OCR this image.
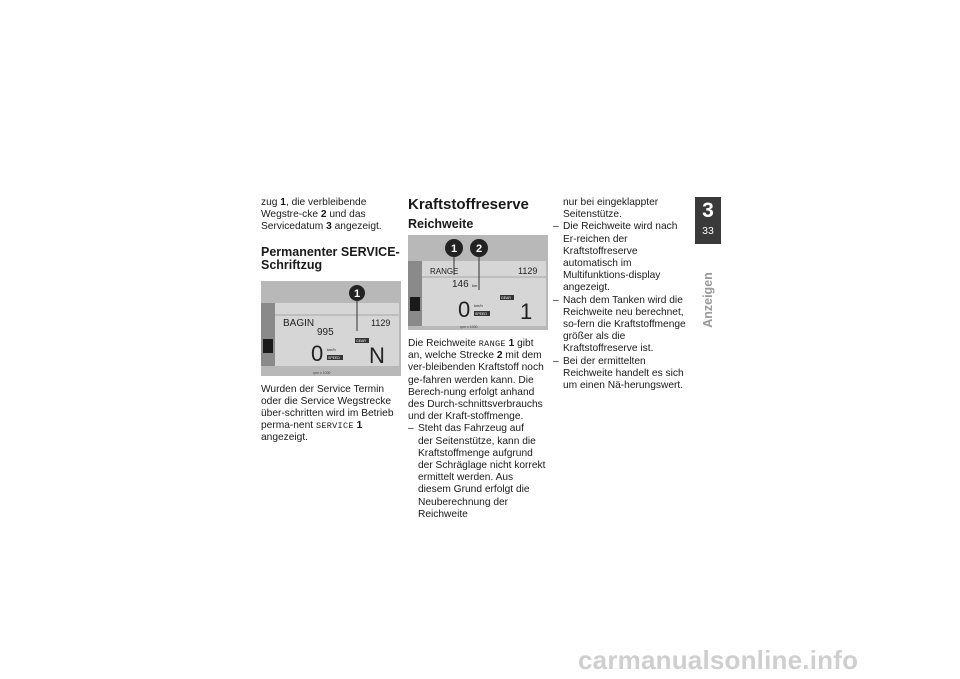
zug 1, die verbleibende Wegstre-cke 2 und das Servicedatum 3 angezeigt.

Permanenter SERVICE-Schriftzug
1
BAGIN	1129
995
0 km/h
GEAR
SPEED N
rpm x 1000

Wurden der Service Termin oder die Service Wegstrecke über-schritten wird im Betrieb perma-nent SERVICE 1 angezeigt.

Kraftstoffreserve
Reichweite
1 2
RANGE	1129
146 km
0 km/h
GEAR
SPEED 1
rpm x 1000

Die Reichweite RANGE 1 gibt an, welche Strecke 2 mit dem ver-bleibenden Kraftstoff noch ge-fahren werden kann. Die Berech-nung erfolgt anhand des Durch-schnittsverbrauchs und der Kraft-stoffmenge.

– Steht das Fahrzeug auf
der Seitenstütze, kann die Kraftstoffmenge aufgrund der Schräglage nicht korrekt ermittelt werden. Aus diesem Grund erfolgt die Neuberechnung der Reichweite

nur bei eingeklappter Seitenstütze.

– Die Reichweite wird nach Er-reichen der Kraftstoffreserve automatisch im Multifunktions-display angezeigt.
– Nach dem Tanken wird die Reichweite neu berechnet, so-fern die Kraftstoffmenge größer als die Kraftstoffreserve ist.
– Bei der ermittelten Reichweite handelt es sich um einen Nä-herungswert.
3
33
Anzeigen
carmanualsonline.info
